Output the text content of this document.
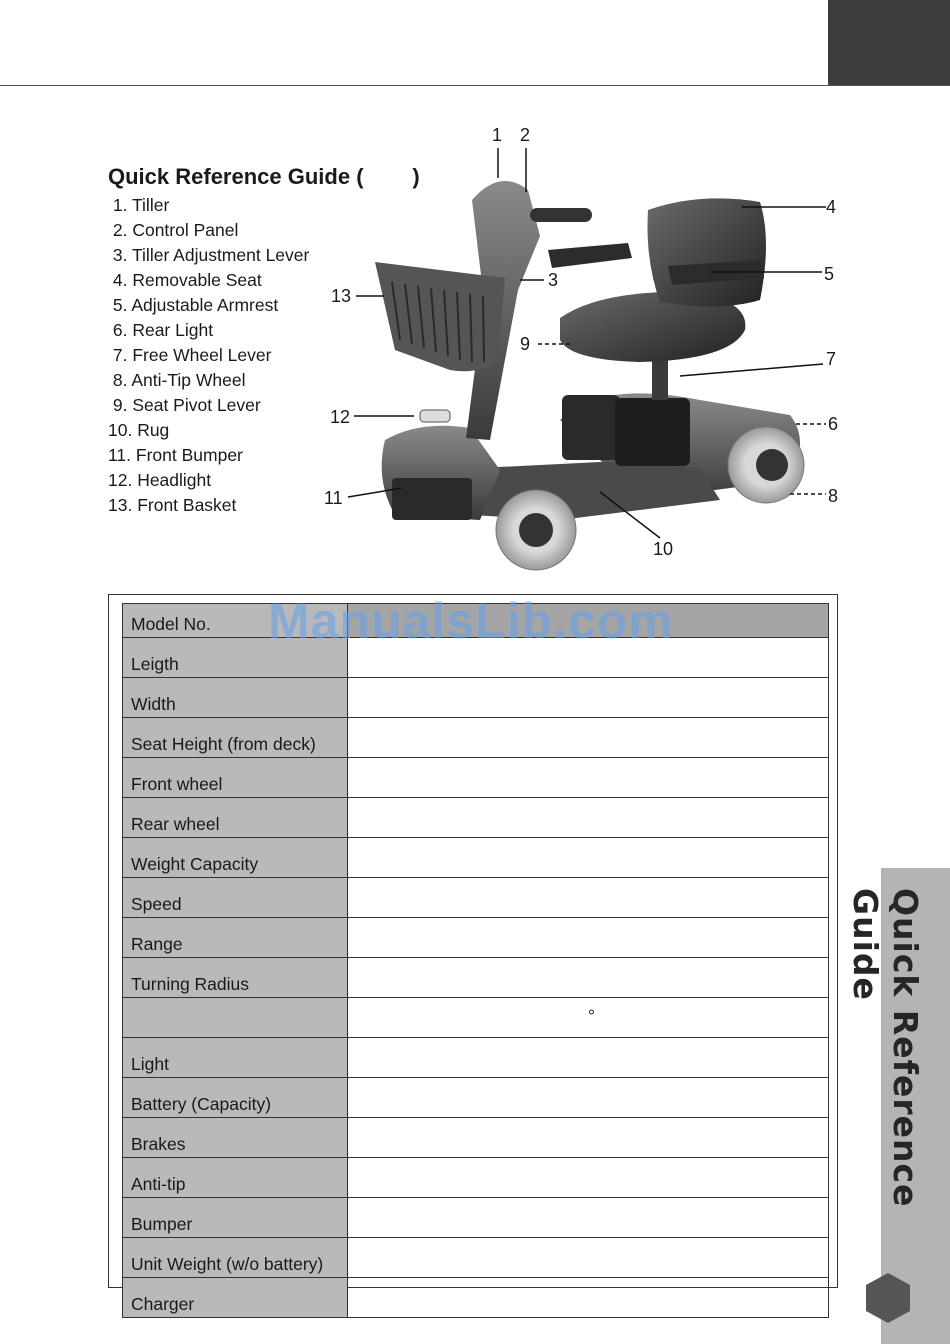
Quick Reference Guide (        )
1. Tiller
2. Control Panel
3. Tiller Adjustment Lever
4. Removable Seat
5. Adjustable Armrest
6. Rear Light
7. Free Wheel Lever
8. Anti-Tip Wheel
9. Seat Pivot Lever
10. Rug
11. Front Bumper
12. Headlight
13. Front Basket
1 2
3
4
5
6
7
8
9
10
11
12
13
Model No.	
Leigth	
Width	
Seat Height (from deck)	
Front wheel	
Rear wheel	
Weight Capacity	
Speed	
Range	
Turning Radius	
	°
Light	
Battery (Capacity)	
Brakes	
Anti-tip	
Bumper	
Unit Weight (w/o battery)	
Charger	
ManualsLib.com
Quick Reference Guide
